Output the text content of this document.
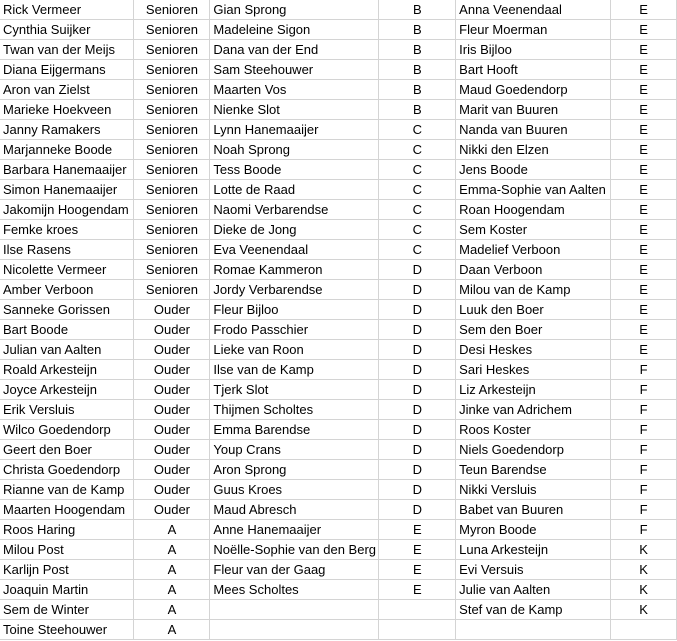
Rick Vermeer	Senioren	Gian Sprong	B	Anna Veenendaal	E
Cynthia Suijker	Senioren	Madeleine Sigon	B	Fleur Moerman	E
Twan van der Meijs	Senioren	Dana van der End	B	Iris Bijloo	E
Diana Eijgermans	Senioren	Sam Steehouwer	B	Bart Hooft	E
Aron van Zielst	Senioren	Maarten Vos	B	Maud Goedendorp	E
Marieke Hoekveen	Senioren	Nienke Slot	B	Marit van Buuren	E
Janny Ramakers	Senioren	Lynn Hanemaaijer	C	Nanda van Buuren	E
Marjanneke Boode	Senioren	Noah Sprong	C	Nikki den Elzen	E
Barbara Hanemaaijer	Senioren	Tess Boode	C	Jens Boode	E
Simon Hanemaaijer	Senioren	Lotte de Raad	C	Emma-Sophie van Aalten	E
Jakomijn Hoogendam	Senioren	Naomi Verbarendse	C	Roan Hoogendam	E
Femke kroes	Senioren	Dieke de Jong	C	Sem Koster	E
Ilse Rasens	Senioren	Eva Veenendaal	C	Madelief Verboon	E
Nicolette Vermeer	Senioren	Romae Kammeron	D	Daan Verboon	E
Amber Verboon	Senioren	Jordy Verbarendse	D	Milou van de Kamp	E
Sanneke Gorissen	Ouder	Fleur Bijloo	D	Luuk den Boer	E
Bart Boode	Ouder	Frodo Passchier	D	Sem den Boer	E
Julian van Aalten	Ouder	Lieke van Roon	D	Desi Heskes	E
Roald Arkesteijn	Ouder	Ilse van de Kamp	D	Sari Heskes	F
Joyce Arkesteijn	Ouder	Tjerk Slot	D	Liz Arkesteijn	F
Erik Versluis	Ouder	Thijmen Scholtes	D	Jinke van Adrichem	F
Wilco Goedendorp	Ouder	Emma Barendse	D	Roos Koster	F
Geert den Boer	Ouder	Youp Crans	D	Niels Goedendorp	F
Christa Goedendorp	Ouder	Aron Sprong	D	Teun Barendse	F
Rianne van de Kamp	Ouder	Guus Kroes	D	Nikki Versluis	F
Maarten Hoogendam	Ouder	Maud Abresch	D	Babet van Buuren	F
Roos Haring	A	Anne Hanemaaijer	E	Myron Boode	F
Milou Post	A	Noëlle-Sophie van den Berg	E	Luna Arkesteijn	K
Karlijn Post	A	Fleur van der Gaag	E	Evi Versuis	K
Joaquin Martin	A	Mees Scholtes	E	Julie van Aalten	K
Sem de Winter	A			Stef van de Kamp	K
Toine Steehouwer	A				
